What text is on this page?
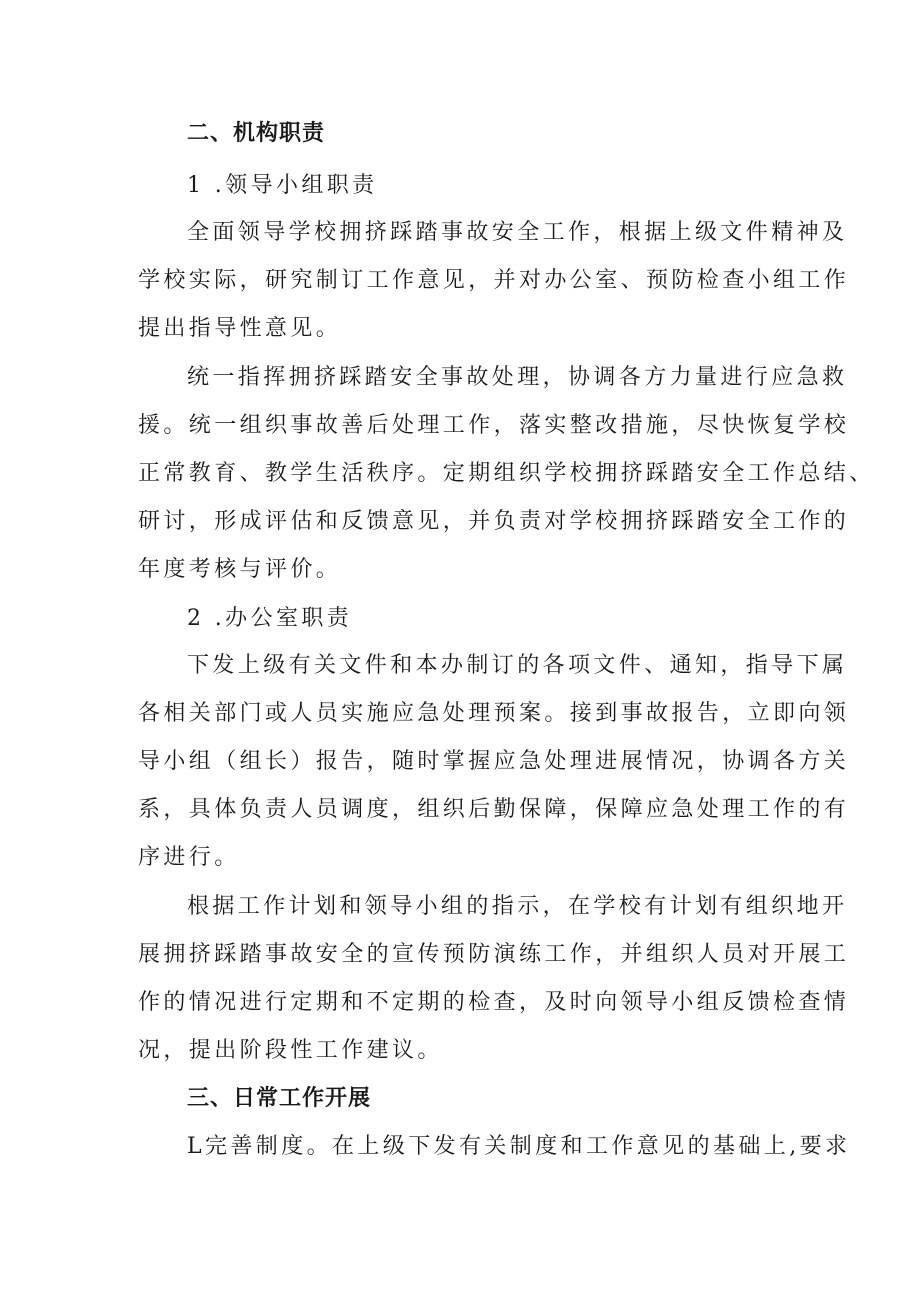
二、机构职责
1 .领导小组职责
全面领导学校拥挤踩踏事故安全工作，根据上级文件精神及
学校实际，研究制订工作意见，并对办公室、预防检查小组工作
提出指导性意见。
统一指挥拥挤踩踏安全事故处理，协调各方力量进行应急救
援。统一组织事故善后处理工作，落实整改措施，尽快恢复学校
正常教育、教学生活秩序。定期组织学校拥挤踩踏安全工作总结、
研讨，形成评估和反馈意见，并负责对学校拥挤踩踏安全工作的
年度考核与评价。
2 .办公室职责
下发上级有关文件和本办制订的各项文件、通知，指导下属
各相关部门或人员实施应急处理预案。接到事故报告，立即向领
导小组（组长）报告，随时掌握应急处理进展情况，协调各方关
系，具体负责人员调度，组织后勤保障，保障应急处理工作的有
序进行。
根据工作计划和领导小组的指示，在学校有计划有组织地开
展拥挤踩踏事故安全的宣传预防演练工作，并组织人员对开展工
作的情况进行定期和不定期的检查，及时向领导小组反馈检查情
况，提出阶段性工作建议。
三、日常工作开展
L完善制度。在上级下发有关制度和工作意见的基础上,要求
